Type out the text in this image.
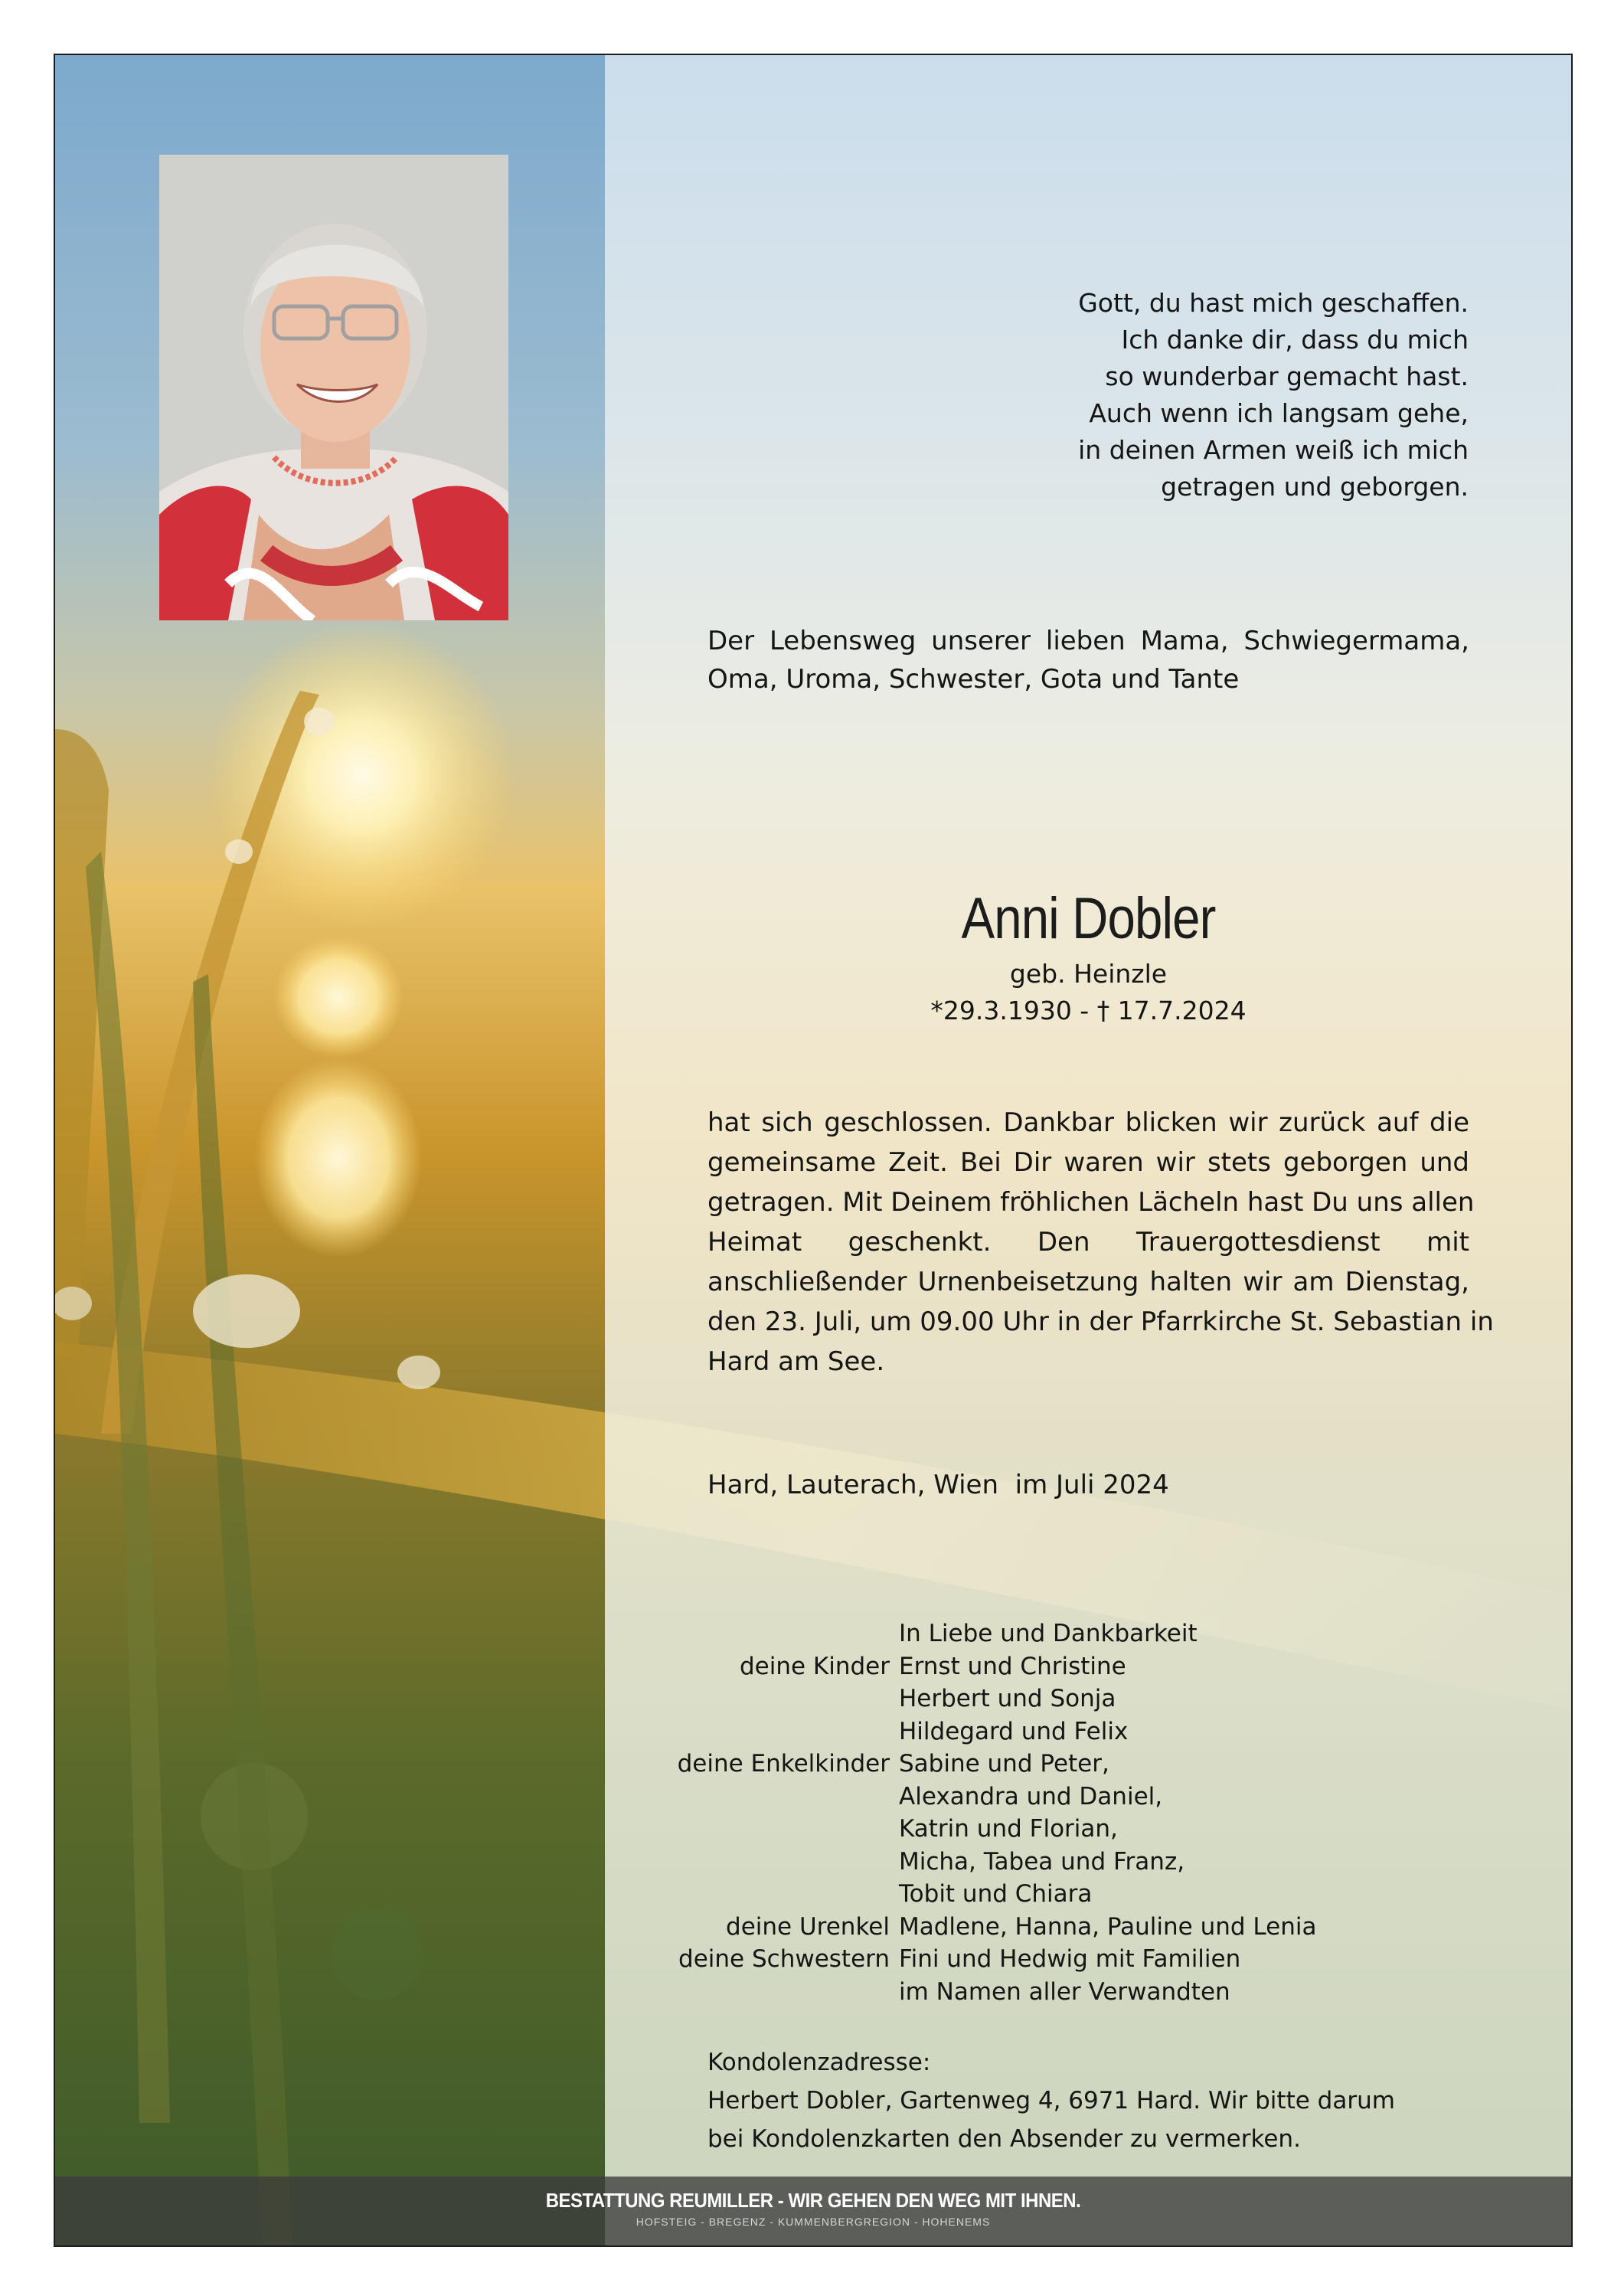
Gott, du hast mich geschaffen.
Ich danke dir, dass du mich
so wunderbar gemacht hast.
Auch wenn ich langsam gehe,
in deinen Armen weiß ich mich
getragen und geborgen.
Der Lebensweg unserer lieben Mama, Schwiegermama, Oma, Uroma, Schwester, Gota und Tante
Anni Dobler
geb. Heinzle
*29.3.1930 - † 17.7.2024
hat sich geschlossen. Dankbar blicken wir zurück auf die
gemeinsame Zeit. Bei Dir waren wir stets geborgen und
getragen. Mit Deinem fröhlichen Lächeln hast Du uns allen
Heimat geschenkt. Den Trauergottesdienst mit
anschließender Urnenbeisetzung halten wir am Dienstag,
den 23. Juli, um 09.00 Uhr in der Pfarrkirche St. Sebastian in
Hard am See.
Hard, Lauterach, Wien  im Juli 2024
In Liebe und Dankbarkeit
deine Kinder Ernst und Christine
Herbert und Sonja
Hildegard und Felix
deine Enkelkinder Sabine und Peter,
Alexandra und Daniel,
Katrin und Florian,
Micha, Tabea und Franz,
Tobit und Chiara
deine Urenkel Madlene, Hanna, Pauline und Lenia
deine Schwestern Fini und Hedwig mit Familien
im Namen aller Verwandten
Kondolenzadresse:
Herbert Dobler, Gartenweg 4, 6971 Hard. Wir bitte darum
bei Kondolenzkarten den Absender zu vermerken.
BESTATTUNG REUMILLER - WIR GEHEN DEN WEG MIT IHNEN.
HOFSTEIG - BREGENZ - KUMMENBERGREGION - HOHENEMS
